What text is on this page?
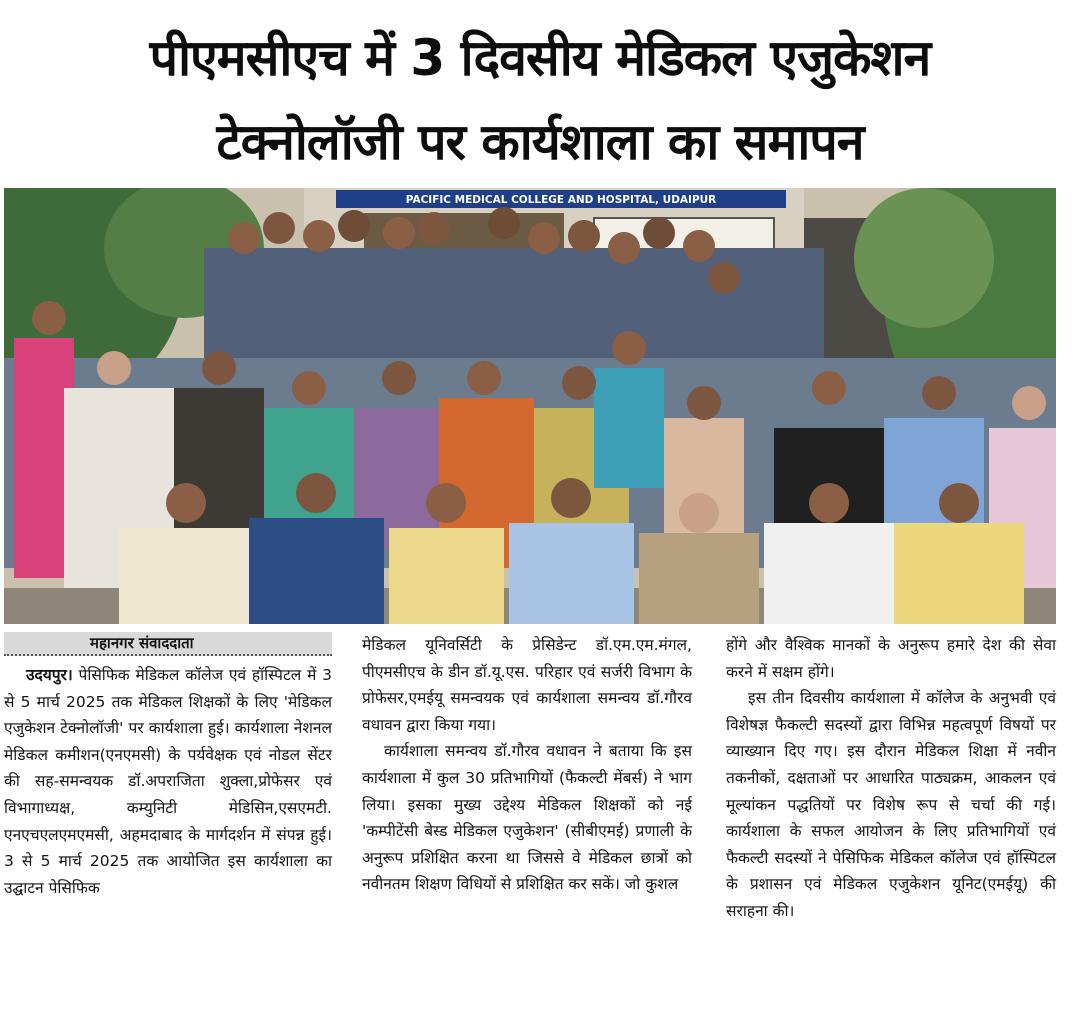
पीएमसीएच में 3 दिवसीय मेडिकल एजुकेशन
टेक्नोलॉजी पर कार्यशाला का समापन
PACIFIC MEDICAL COLLEGE AND HOSPITAL, UDAIPUR
महानगर संवाददाता

उदयपुर। पेसिफिक मेडिकल कॉलेज एवं हॉस्पिटल में 3 से 5 मार्च 2025 तक मेडिकल शिक्षकों के लिए 'मेडिकल एजुकेशन टेक्नोलॉजी' पर कार्यशाला हुई। कार्यशाला नेशनल मेडिकल कमीशन(एनएमसी) के पर्यवेक्षक एवं नोडल सेंटर की सह-समन्वयक डॉ.अपराजिता शुक्ला,प्रोफेसर एवं विभागाध्यक्ष, कम्युनिटी मेडिसिन,एसएमटी. एनएचएलएमएमसी, अहमदाबाद के मार्गदर्शन में संपन्न हुई। 3 से 5 मार्च 2025 तक आयोजित इस कार्यशाला का उद्घाटन पेसिफिक

मेडिकल यूनिवर्सिटी के प्रेसिडेन्ट डॉ.एम.एम.मंगल, पीएमसीएच के डीन डॉ.यू.एस. परिहार एवं सर्जरी विभाग के प्रोफेसर,एमईयू समन्वयक एवं कार्यशाला समन्वय डॉ.गौरव वधावन द्वारा किया गया।

कार्यशाला समन्वय डॉ.गौरव वधावन ने बताया कि इस कार्यशाला में कुल 30 प्रतिभागियों (फैकल्टी मेंबर्स) ने भाग लिया। इसका मुख्य उद्देश्य मेडिकल शिक्षकों को नई 'कम्पीटेंसी बेस्ड मेडिकल एजुकेशन' (सीबीएमई) प्रणाली के अनुरूप प्रशिक्षित करना था जिससे वे मेडिकल छात्रों को नवीनतम शिक्षण विधियों से प्रशिक्षित कर सकें। जो कुशल

होंगे और वैश्विक मानकों के अनुरूप हमारे देश की सेवा करने में सक्षम होंगे।

इस तीन दिवसीय कार्यशाला में कॉलेज के अनुभवी एवं विशेषज्ञ फैकल्टी सदस्यों द्वारा विभिन्न महत्वपूर्ण विषयों पर व्याख्यान दिए गए। इस दौरान मेडिकल शिक्षा में नवीन तकनीकों, दक्षताओं पर आधारित पाठ्यक्रम, आकलन एवं मूल्यांकन पद्धतियों पर विशेष रूप से चर्चा की गई। कार्यशाला के सफल आयोजन के लिए प्रतिभागियों एवं फैकल्टी सदस्यों ने पेसिफिक मेडिकल कॉलेज एवं हॉस्पिटल के प्रशासन एवं मेडिकल एजुकेशन यूनिट(एमईयू) की सराहना की।
